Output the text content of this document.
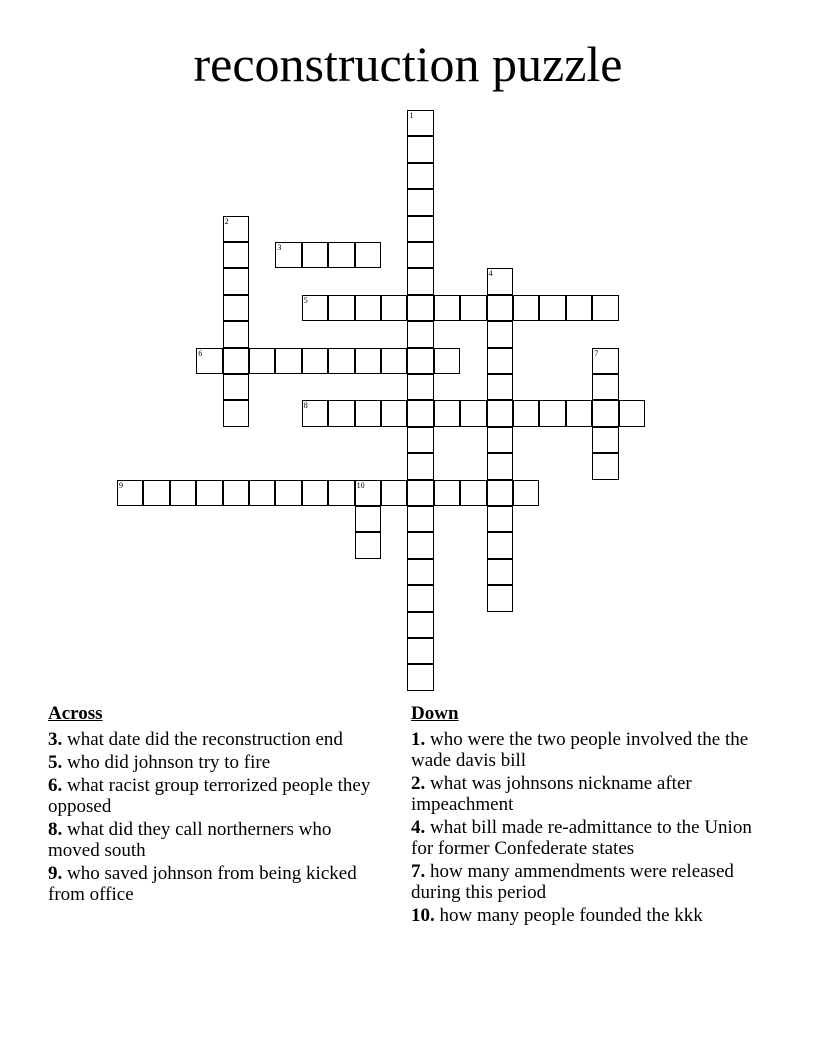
reconstruction puzzle
1
2
3
4
5
6	7
8
9	10
Across
3. what date did the reconstruction end
5. who did johnson try to fire
6. what racist group terrorized people they opposed
8. what did they call northerners who moved south
9. who saved johnson from being kicked from office
Down
1. who were the two people involved the the wade davis bill
2. what was johnsons nickname after impeachment
4. what bill made re-admittance to the Union for former Confederate states
7. how many ammendments were released during this period
10. how many people founded the kkk
